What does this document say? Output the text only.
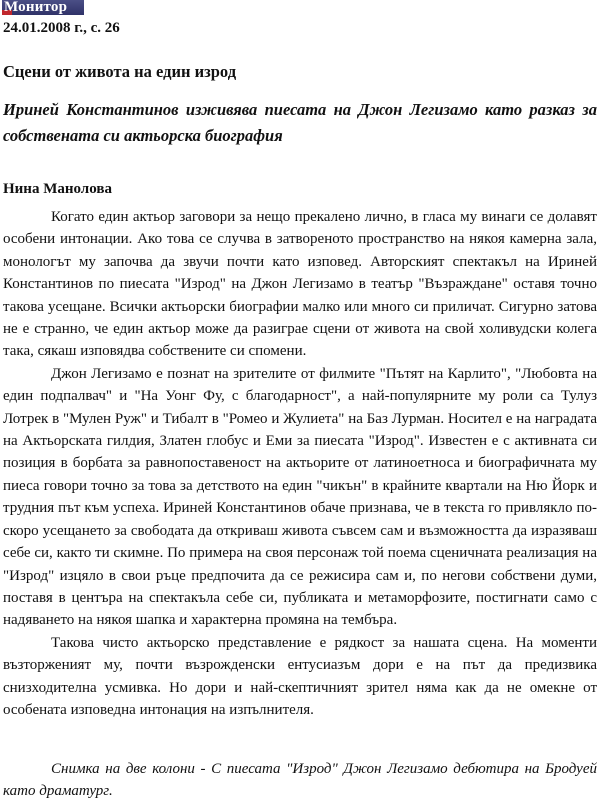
Монитор
24.01.2008 г., с. 26
Сцени от живота на един изрод
Ириней Константинов изживява пиесата на Джон Легизамо като разказ за собствената си актьорска биография
Нина Манолова

Когато един актьор заговори за нещо прекалено лично, в гласа му винаги се долавят особени интонации. Ако това се случва в затвореното пространство на някоя камерна зала, монологът му започва да звучи почти като изповед. Авторският спектакъл на Ириней Константинов по пиесата "Изрод" на Джон Легизамо в театър "Възраждане" оставя точно такова усещане. Всички актьорски биографии малко или много си приличат. Сигурно затова не е странно, че един актьор може да разиграе сцени от живота на свой холивудски колега така, сякаш изповядва собствените си спомени.

Джон Легизамо е познат на зрителите от филмите "Пътят на Карлито", "Любовта на един подпалвач" и "На Уонг Фу, с благодарност", а най-популярните му роли са Тулуз Лотрек в "Мулен Руж" и Тибалт в "Ромео и Жулиета" на Баз Лурман. Носител е на наградата на Актьорската гилдия, Златен глобус и Еми за пиесата "Изрод". Известен е с активната си позиция в борбата за равнопоставеност на актьорите от латиноетноса и биографичната му пиеса говори точно за това за детството на един "чикън" в крайните квартали на Ню Йорк и трудния път към успеха. Ириней Константинов обаче признава, че в текста го привлякло по-скоро усещането за свободата да откриваш живота съвсем сам и възможността да изразяваш себе си, както ти скимне. По примера на своя персонаж той поема сценичната реализация на "Изрод" изцяло в свои ръце предпочита да се режисира сам и, по негови собствени думи, поставя в центъра на спектакъла себе си, публиката и метаморфозите, постигнати само с надяването на някоя шапка и характерна промяна на тембъра.

Такова чисто актьорско представление е рядкост за нашата сцена. На моменти възторженият му, почти възрожденски ентусиазъм дори е на път да предизвика снизходителна усмивка. Но дори и най-скептичният зрител няма как да не омекне от особената изповедна интонация на изпълнителя.

Снимка на две колони - С пиесата "Изрод" Джон Легизамо дебютира на Бродуей като драматург.
